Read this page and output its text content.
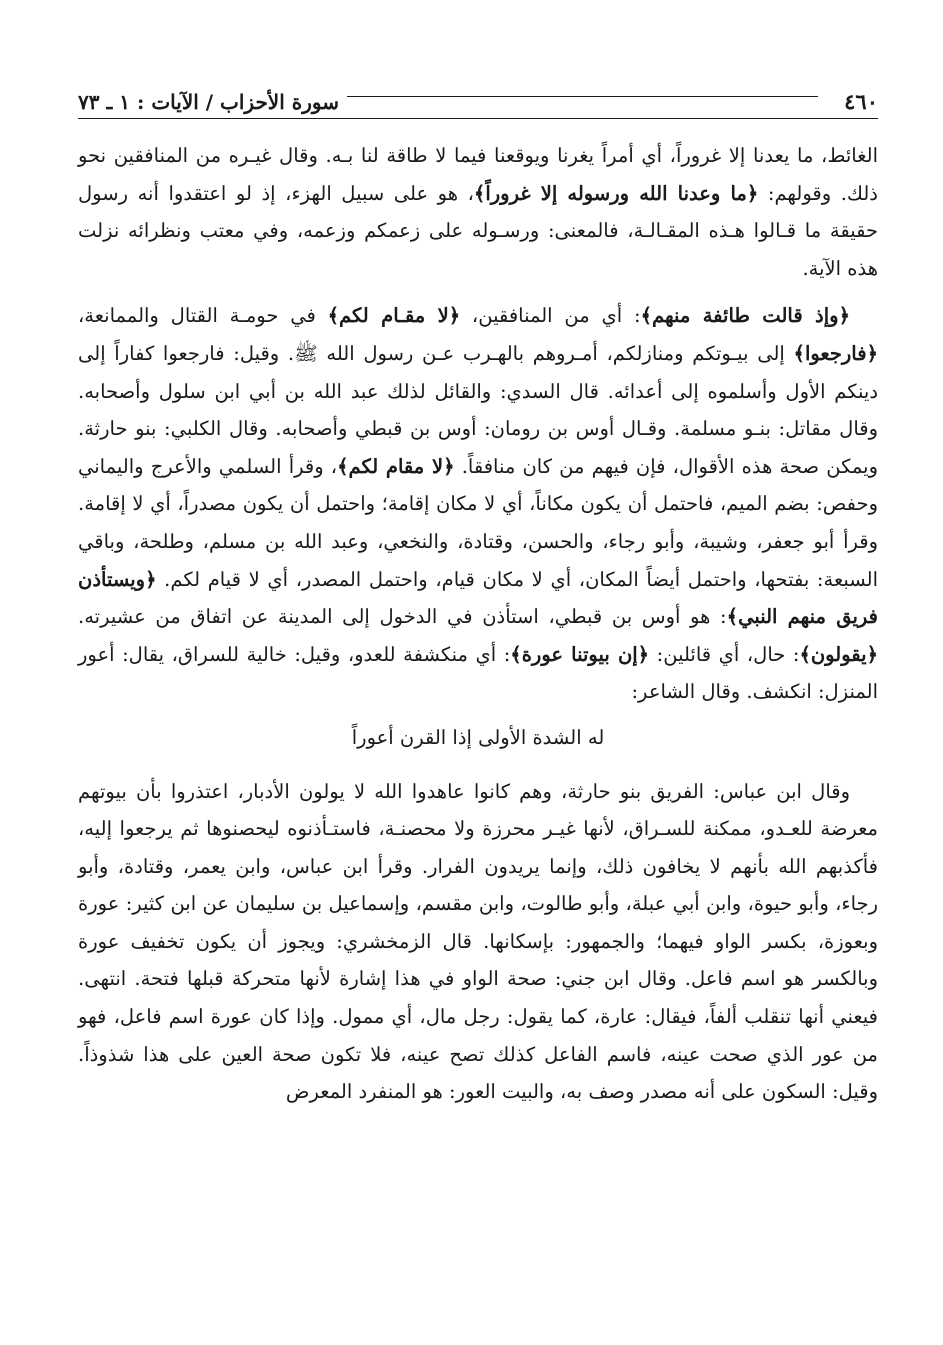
٤٦٠
سورة الأحزاب / الآيات : ١ ـ ٧٣

الغائط، ما يعدنا إلا غروراً، أي أمراً يغرنا ويوقعنا فيما لا طاقة لنا بـه. وقال غيـره من المنافقين نحو ذلك. وقولهم: ﴿ما وعدنا الله ورسوله إلا غروراً﴾، هو على سبيل الهزء، إذ لو اعتقدوا أنه رسول حقيقة ما قـالوا هـذه المقـالـة، فالمعنى: ورسـوله على زعمكم وزعمه، وفي معتب ونظرائه نزلت هذه الآية.

﴿وإذ قالت طائفة منهم﴾: أي من المنافقين، ﴿لا مقـام لكم﴾ في حومـة القتال والممانعة، ﴿فارجعوا﴾ إلى بيـوتكم ومنازلكم، أمـروهم بالهـرب عـن رسول الله ﷺ. وقيل: فارجعوا كفاراً إلى دينكم الأول وأسلموه إلى أعدائه. قال السدي: والقائل لذلك عبد الله بن أبي ابن سلول وأصحابه. وقال مقاتل: بنـو مسلمة. وقـال أوس بن رومان: أوس بن قبطي وأصحابه. وقال الكلبي: بنو حارثة. ويمكن صحة هذه الأقوال، فإن فيهم من كان منافقاً. ﴿لا مقام لكم﴾، وقرأ السلمي والأعرج واليماني وحفص: بضم الميم، فاحتمل أن يكون مكاناً، أي لا مكان إقامة؛ واحتمل أن يكون مصدراً، أي لا إقامة. وقرأ أبو جعفر، وشيبة، وأبو رجاء، والحسن، وقتادة، والنخعي، وعبد الله بن مسلم، وطلحة، وباقي السبعة: بفتحها، واحتمل أيضاً المكان، أي لا مكان قيام، واحتمل المصدر، أي لا قيام لكم. ﴿ويستأذن فريق منهم النبي﴾: هو أوس بن قبطي، استأذن في الدخول إلى المدينة عن اتفاق من عشيرته. ﴿يقولون﴾: حال، أي قائلين: ﴿إن بيوتنا عورة﴾: أي منكشفة للعدو، وقيل: خالية للسراق، يقال: أعور المنزل: انكشف. وقال الشاعر:

له الشدة الأولى إذا القرن أعوراً

وقال ابن عباس: الفريق بنو حارثة، وهم كانوا عاهدوا الله لا يولون الأدبار، اعتذروا بأن بيوتهم معرضة للعـدو، ممكنة للسـراق، لأنها غيـر محرزة ولا محصنـة، فاستـأذنوه ليحصنوها ثم يرجعوا إليه، فأكذبهم الله بأنهم لا يخافون ذلك، وإنما يريدون الفرار. وقرأ ابن عباس، وابن يعمر، وقتادة، وأبو رجاء، وأبو حيوة، وابن أبي عبلة، وأبو طالوت، وابن مقسم، وإسماعيل بن سليمان عن ابن كثير: عورة وبعوزة، بكسر الواو فيهما؛ والجمهور: بإسكانها. قال الزمخشري: ويجوز أن يكون تخفيف عورة وبالكسر هو اسم فاعل. وقال ابن جني: صحة الواو في هذا إشارة لأنها متحركة قبلها فتحة. انتهى. فيعني أنها تنقلب ألفاً، فيقال: عارة، كما يقول: رجل مال، أي ممول. وإذا كان عورة اسم فاعل، فهو من عور الذي صحت عينه، فاسم الفاعل كذلك تصح عينه، فلا تكون صحة العين على هذا شذوذاً. وقيل: السكون على أنه مصدر وصف به، والبيت العور: هو المنفرد المعرض
